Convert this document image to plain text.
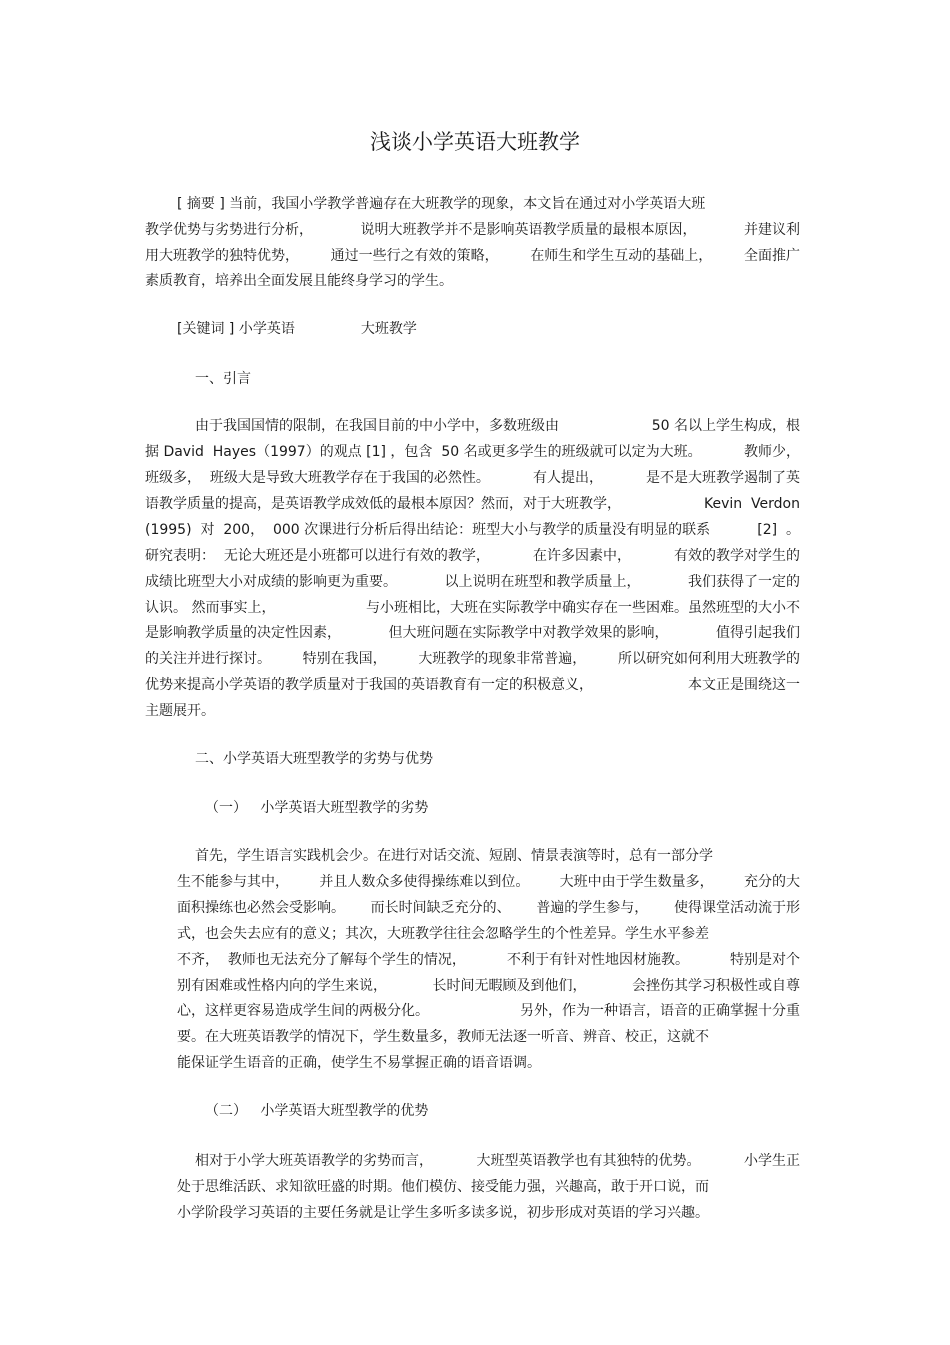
浅谈小学英语大班教学
[ 摘要 ] 当前，我国小学教学普遍存在大班教学的现象，本文旨在通过对小学英语大班
教学优势与劣势进行分析，	说明大班教学并不是影响英语教学质量的最根本原因，	并建议利
用大班教学的独特优势， 通过一些行之有效的策略， 在师生和学生互动的基础上， 全面推广
素质教育，培养出全面发展且能终身学习的学生。
[关键词 ] 小学英语	大班教学
一、引言
由于我国国情的限制，在我国目前的中小学中，多数班级由	50 名以上学生构成，根
据 David  Hayes（1997）的观点 [1] ，包含  50 名或更多学生的班级就可以定为大班。	教师少，
班级多，  班级大是导致大班教学存在于我国的必然性。	有人提出，	是不是大班教学遏制了英
语教学质量的提高，是英语教学成效低的最根本原因？然而，对于大班教学，	Kevin  Verdon
(1995)  对  200，  000 次课进行分析后得出结论：班型大小与教学的质量没有明显的联系	[2]  。
研究表明：  无论大班还是小班都可以进行有效的教学，	在许多因素中，	有效的教学对学生的
成绩比班型大小对成绩的影响更为重要。	以上说明在班型和教学质量上，	我们获得了一定的
认识。 然而事实上，	与小班相比，大班在实际教学中确实存在一些困难。虽然班型的大小不
是影响教学质量的决定性因素，	但大班问题在实际教学中对教学效果的影响，	值得引起我们
的关注并进行探讨。 特别在我国， 大班教学的现象非常普遍， 所以研究如何利用大班教学的
优势来提高小学英语的教学质量对于我国的英语教育有一定的积极意义，	本文正是围绕这一
主题展开。
二、小学英语大班型教学的劣势与优势
（一）   小学英语大班型教学的劣势
首先，学生语言实践机会少。在进行对话交流、短剧、情景表演等时，总有一部分学
生不能参与其中， 并且人数众多使得操练难以到位。 大班中由于学生数量多， 充分的大
面积操练也必然会受影响。 而长时间缺乏充分的、 普遍的学生参与， 使得课堂活动流于形
式，也会失去应有的意义；其次，大班教学往往会忽略学生的个性差异。学生水平参差
不齐，  教师也无法充分了解每个学生的情况，	不利于有针对性地因材施教。	特别是对个
别有困难或性格内向的学生来说，	长时间无暇顾及到他们，	会挫伤其学习积极性或自尊
心，这样更容易造成学生间的两极分化。	另外，作为一种语言，语音的正确掌握十分重
要。在大班英语教学的情况下，学生数量多，教师无法逐一听音、辨音、校正，这就不
能保证学生语音的正确，使学生不易掌握正确的语音语调。
（二）   小学英语大班型教学的优势
相对于小学大班英语教学的劣势而言，	大班型英语教学也有其独特的优势。	小学生正
处于思维活跃、求知欲旺盛的时期。他们模仿、接受能力强，兴趣高，敢于开口说，而
小学阶段学习英语的主要任务就是让学生多听多读多说，初步形成对英语的学习兴趣。
